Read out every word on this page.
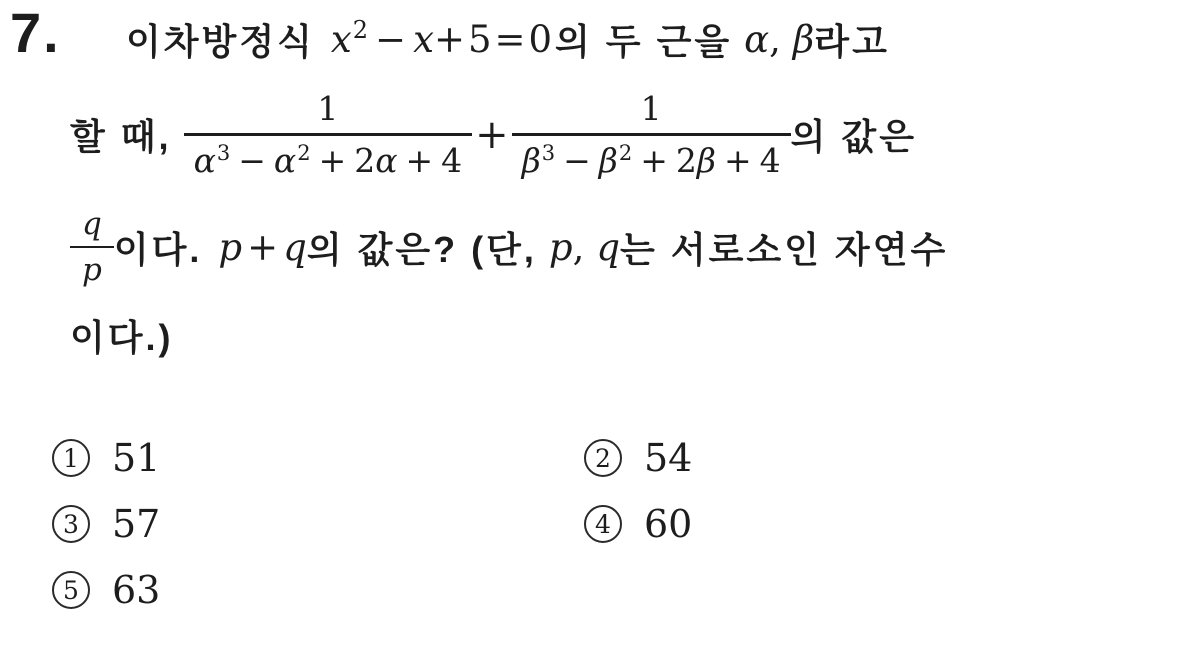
7. 이차방정식 x2 − x+5=0 의 두 근을 α , β 라고
할 때, $\frac{1}{\alpha 3 - \alpha 2 + 2\alpha + 4} + \frac{1}{\beta 3 - \beta 2 + 2\beta + 4}$ 의 값은
$\frac{q}{p}$ 이다. p + q 의 값은? (단, p , q 는 서로소인 자연수
이다.)
1 51	2 54
3 57	4 60
5 63
